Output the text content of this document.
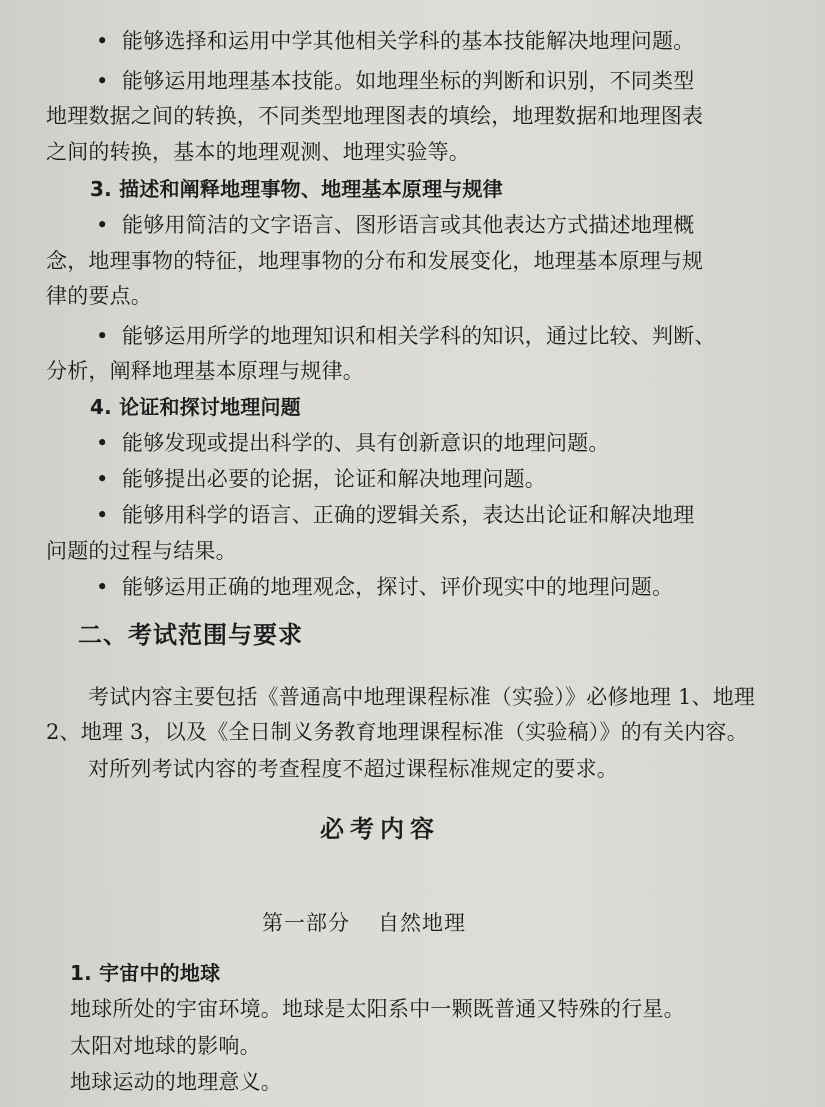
• 能够选择和运用中学其他相关学科的基本技能解决地理问题。
• 能够运用地理基本技能。如地理坐标的判断和识别，不同类型
地理数据之间的转换，不同类型地理图表的填绘，地理数据和地理图表
之间的转换，基本的地理观测、地理实验等。
3. 描述和阐释地理事物、地理基本原理与规律
• 能够用简洁的文字语言、图形语言或其他表达方式描述地理概
念，地理事物的特征，地理事物的分布和发展变化，地理基本原理与规
律的要点。
• 能够运用所学的地理知识和相关学科的知识，通过比较、判断、
分析，阐释地理基本原理与规律。
4. 论证和探讨地理问题
• 能够发现或提出科学的、具有创新意识的地理问题。
• 能够提出必要的论据，论证和解决地理问题。
• 能够用科学的语言、正确的逻辑关系，表达出论证和解决地理
问题的过程与结果。
• 能够运用正确的地理观念，探讨、评价现实中的地理问题。
二、考试范围与要求
考试内容主要包括《普通高中地理课程标准（实验）》必修地理 1、地理
2、地理 3，以及《全日制义务教育地理课程标准（实验稿）》的有关内容。
对所列考试内容的考查程度不超过课程标准规定的要求。
必考内容
第一部分 自然地理
1. 宇宙中的地球
地球所处的宇宙环境。地球是太阳系中一颗既普通又特殊的行星。
太阳对地球的影响。
地球运动的地理意义。
